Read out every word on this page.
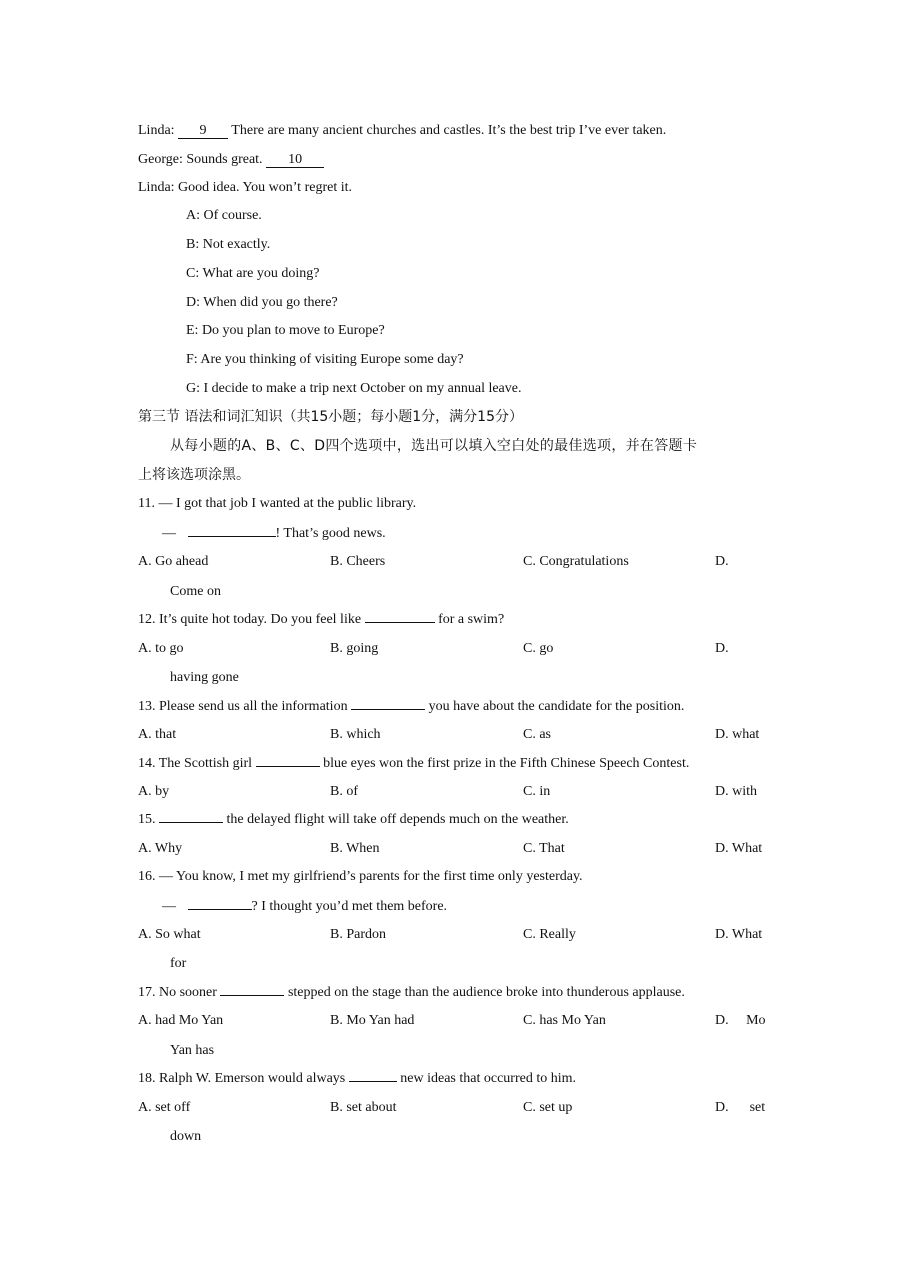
Linda: 9 There are many ancient churches and castles. It’s the best trip I’ve ever taken.
George: Sounds great. 10
Linda: Good idea. You won’t regret it.
A: Of course.
B: Not exactly.
C: What are you doing?
D: When did you go there?
E: Do you plan to move to Europe?
F: Are you thinking of visiting Europe some day?
G: I decide to make a trip next October on my annual leave.
第三节 语法和词汇知识（共15小题；每小题1分，满分15分）
从每小题的A、B、C、D四个选项中，选出可以填入空白处的最佳选项，并在答题卡
上将该选项涂黑。
11. — I got that job I wanted at the public library.
—	! That’s good news.
A. Go ahead	B. Cheers	C. Congratulations	D.
Come on
12. It’s quite hot today. Do you feel like	for a swim?
A. to go	B. going	C. go	D.
having gone
13. Please send us all the information	you have about the candidate for the position.
A. that	B. which	C. as	D. what
14. The Scottish girl	blue eyes won the first prize in the Fifth Chinese Speech Contest.
A. by	B. of	C. in	D. with
15.	the delayed flight will take off depends much on the weather.
A. Why	B. When	C. That	D. What
16. — You know, I met my girlfriend’s parents for the first time only yesterday.
—	? I thought you’d met them before.
A. So what	B. Pardon	C. Really	D. What
for
17. No sooner	stepped on the stage than the audience broke into thunderous applause.
A. had Mo Yan	B. Mo Yan had	C. has Mo Yan	D.     Mo
Yan has
18. Ralph W. Emerson would always	new ideas that occurred to him.
A. set off	B. set about	C. set up	D.      set
down
